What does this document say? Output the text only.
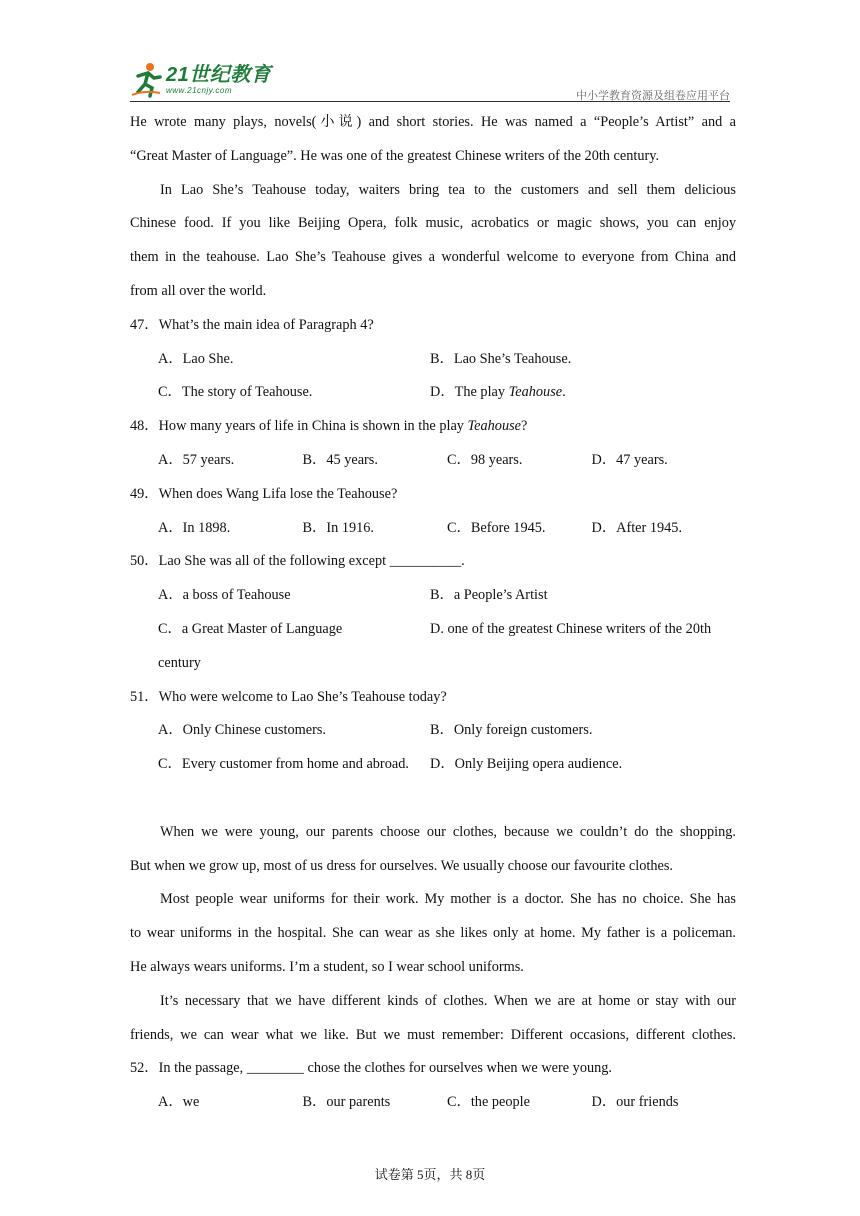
21世纪教育
www.21cnjy.com	中小学教育资源及组卷应用平台
He wrote many plays, novels(小说) and short stories. He was named a “People’s Artist” and a
“Great Master of Language”. He was one of the greatest Chinese writers of the 20th century.
In Lao She’s Teahouse today, waiters bring tea to the customers and sell them delicious
Chinese food. If you like Beijing Opera, folk music, acrobatics or magic shows, you can enjoy
them in the teahouse. Lao She’s Teahouse gives a wonderful welcome to everyone from China and
from all over the world.
47．What’s the main idea of Paragraph 4?
A．Lao She.	B．Lao She’s Teahouse.
C．The story of Teahouse.	D．The play Teahouse.
48．How many years of life in China is shown in the play Teahouse?
A．57 years.	B．45 years.	C．98 years.	D．47 years.
49．When does Wang Lifa lose the Teahouse?
A．In 1898.	B．In 1916.	C．Before 1945.	D．After 1945.
50．Lao She was all of the following except __________.
A．a boss of Teahouse	B．a People’s Artist
C．a Great Master of Language	D. one of the greatest Chinese writers of the 20th
century
51．Who were welcome to Lao She’s Teahouse today?
A．Only Chinese customers.	B．Only foreign customers.
C．Every customer from home and abroad.	D．Only Beijing opera audience.
When we were young, our parents choose our clothes, because we couldn’t do the shopping.
But when we grow up, most of us dress for ourselves. We usually choose our favourite clothes.
Most people wear uniforms for their work. My mother is a doctor. She has no choice. She has
to wear uniforms in the hospital. She can wear as she likes only at home. My father is a policeman.
He always wears uniforms. I’m a student, so I wear school uniforms.
It’s necessary that we have different kinds of clothes. When we are at home or stay with our
friends, we can wear what we like. But we must remember: Different occasions, different clothes.
52．In the passage, ________ chose the clothes for ourselves when we were young.
A．we	B．our parents	C．the people	D．our friends
试卷第 5页，共 8页
